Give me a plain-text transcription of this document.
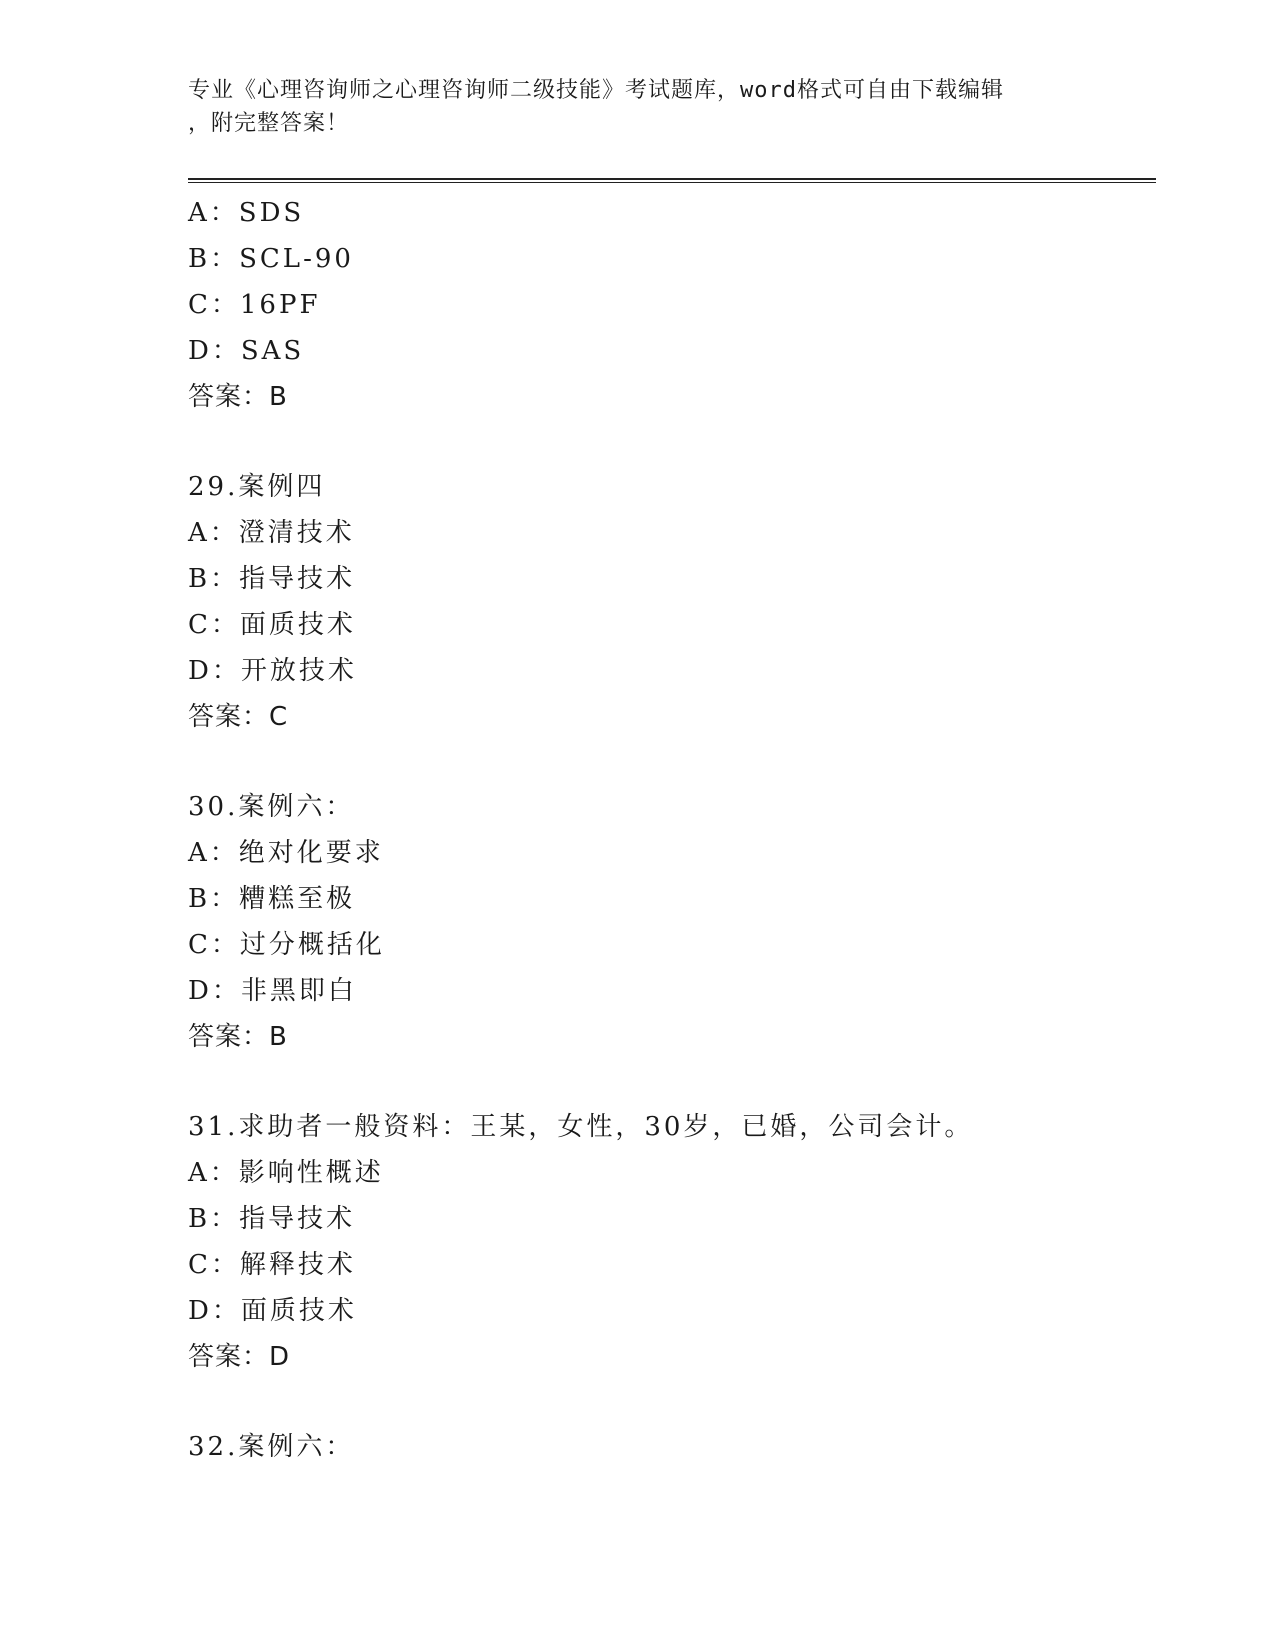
专业《心理咨询师之心理咨询师二级技能》考试题库，word格式可自由下载编辑
，附完整答案！
A：SDS
B：SCL-90
C：16PF
D：SAS
答案：B
29.案例四
A：澄清技术
B：指导技术
C：面质技术
D：开放技术
答案：C
30.案例六：
A：绝对化要求
B：糟糕至极
C：过分概括化
D：非黑即白
答案：B
31.求助者一般资料：王某，女性，30岁，已婚，公司会计。
A：影响性概述
B：指导技术
C：解释技术
D：面质技术
答案：D
32.案例六：
